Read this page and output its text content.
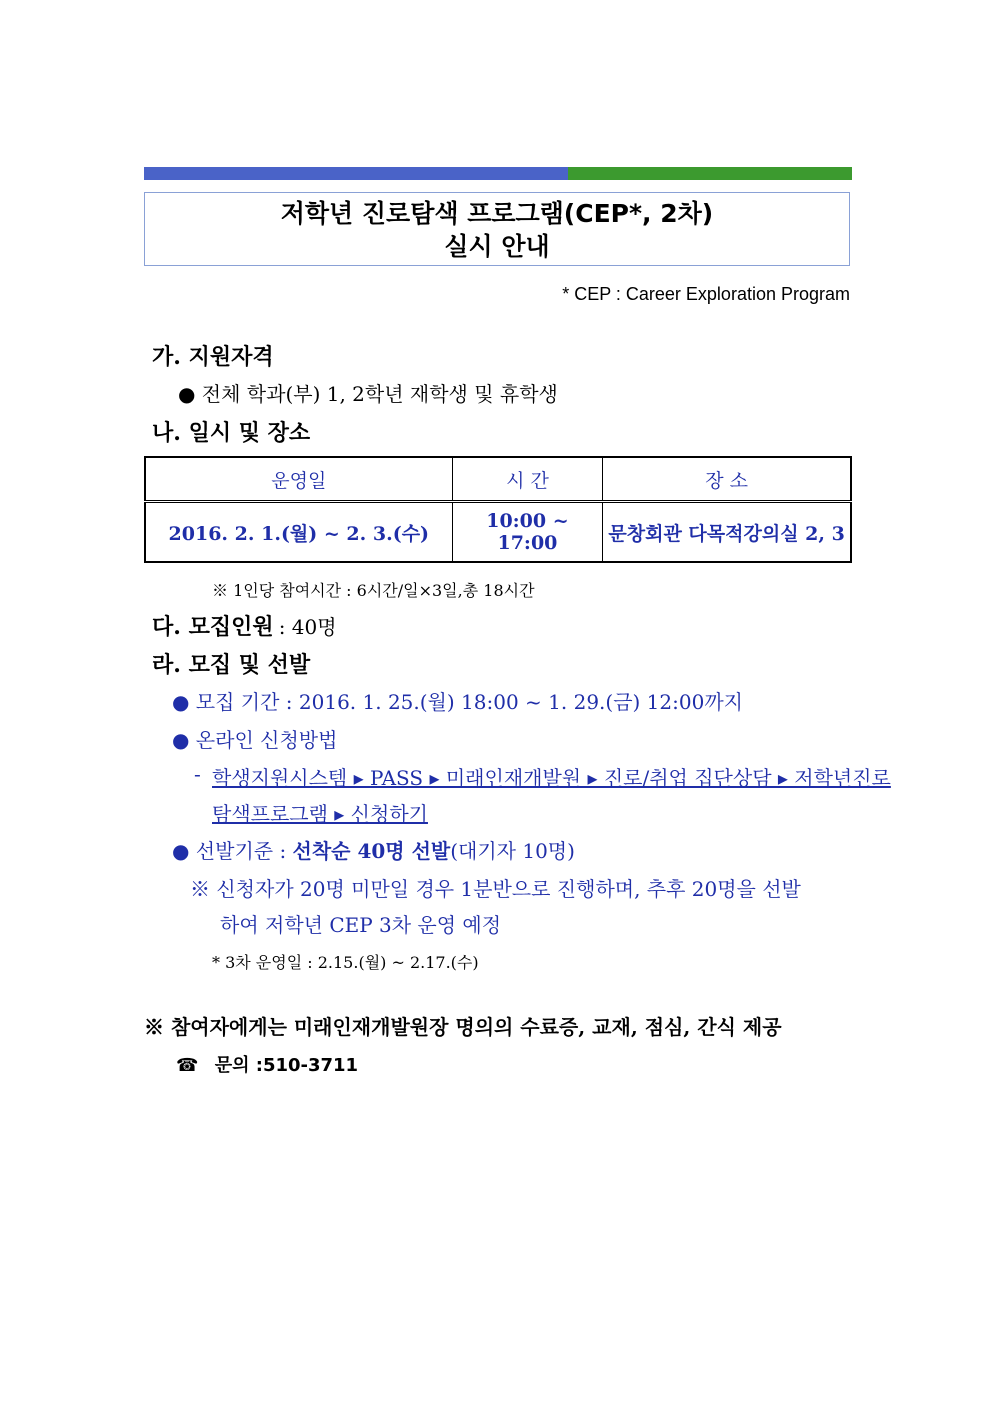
저학년 진로탐색 프로그램(CEP*, 2차)
실시 안내
* CEP : Career Exploration Program
가. 지원자격
● 전체 학과(부) 1, 2학년 재학생 및 휴학생
나. 일시 및 장소
운영일	시 간	장 소
2016. 2. 1.(월) ~ 2. 3.(수)	10:00 ~ 17:00	문창회관 다목적강의실 2, 3
※ 1인당 참여시간 : 6시간/일×3일,총 18시간
다. 모집인원 : 40명
라. 모집 및 선발
● 모집 기간 : 2016. 1. 25.(월) 18:00 ~ 1. 29.(금) 12:00까지
● 온라인 신청방법
- 학생지원시스템 ▸ PASS ▸ 미래인재개발원 ▸ 진로/취업 집단상담 ▸ 저학년진로
탐색프로그램 ▸ 신청하기
● 선발기준 : 선착순 40명 선발(대기자 10명)
※ 신청자가 20명 미만일 경우 1분반으로 진행하며, 추후 20명을 선발
하여 저학년 CEP 3차 운영 예정
* 3차 운영일 : 2.15.(월) ~ 2.17.(수)
※ 참여자에게는 미래인재개발원장 명의의 수료증, 교재, 점심, 간식 제공
☎ 문의 :510-3711
